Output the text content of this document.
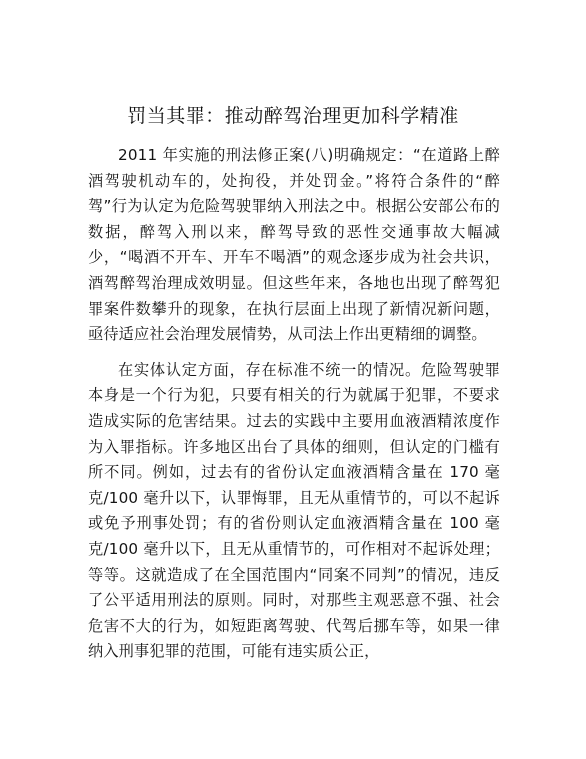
罚当其罪：推动醉驾治理更加科学精准

2011 年实施的刑法修正案(八)明确规定：“在道路上醉酒驾驶机动车的，处拘役，并处罚金。”将符合条件的“醉驾”行为认定为危险驾驶罪纳入刑法之中。根据公安部公布的数据，醉驾入刑以来，醉驾导致的恶性交通事故大幅减少，“喝酒不开车、开车不喝酒”的观念逐步成为社会共识，酒驾醉驾治理成效明显。但这些年来，各地也出现了醉驾犯罪案件数攀升的现象，在执行层面上出现了新情况新问题，亟待适应社会治理发展情势，从司法上作出更精细的调整。

在实体认定方面，存在标准不统一的情况。危险驾驶罪本身是一个行为犯，只要有相关的行为就属于犯罪，不要求造成实际的危害结果。过去的实践中主要用血液酒精浓度作为入罪指标。许多地区出台了具体的细则，但认定的门槛有所不同。例如，过去有的省份认定血液酒精含量在 170 毫克/100 毫升以下，认罪悔罪，且无从重情节的，可以不起诉或免予刑事处罚；有的省份则认定血液酒精含量在 100 毫克/100 毫升以下，且无从重情节的，可作相对不起诉处理；等等。这就造成了在全国范围内“同案不同判”的情况，违反了公平适用刑法的原则。同时，对那些主观恶意不强、社会危害不大的行为，如短距离驾驶、代驾后挪车等，如果一律纳入刑事犯罪的范围，可能有违实质公正，
